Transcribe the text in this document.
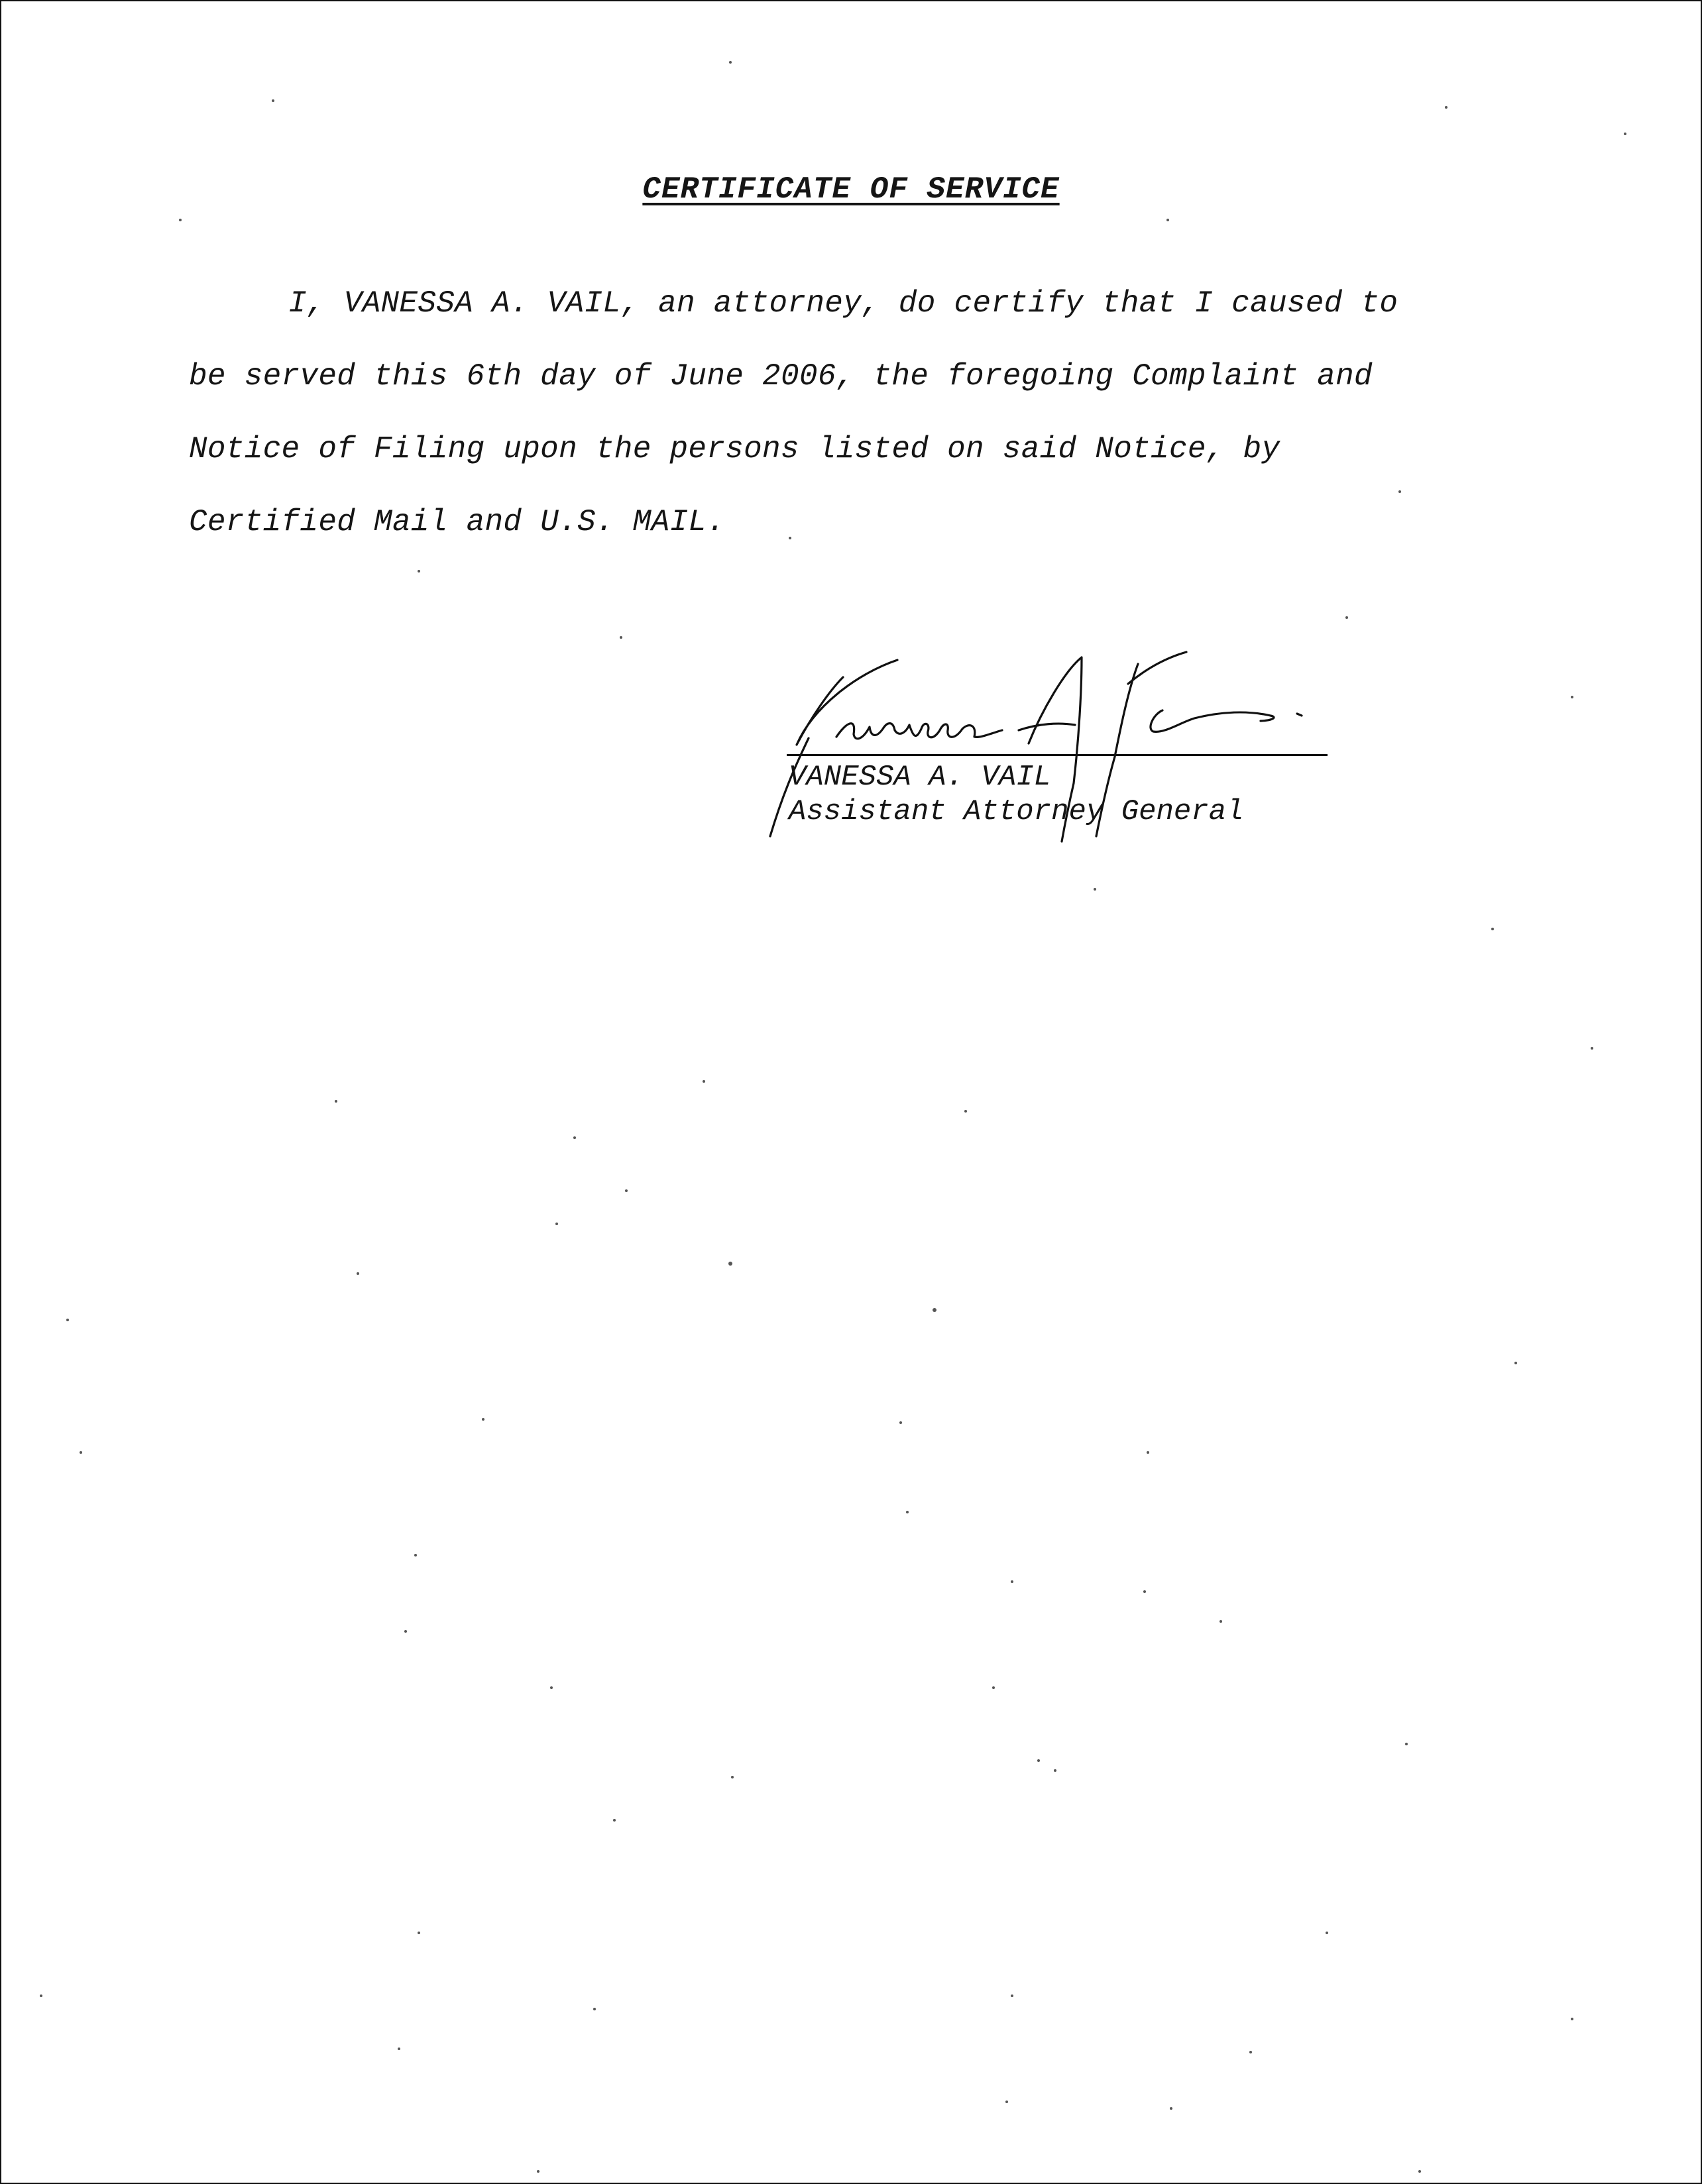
CERTIFICATE OF SERVICE
I, VANESSA A. VAIL, an attorney, do certify that I caused to
be served this 6th day of June 2006, the foregoing Complaint and
Notice of Filing upon the persons listed on said Notice, by
Certified Mail and U.S. MAIL.
VANESSA A. VAIL
Assistant Attorney General
